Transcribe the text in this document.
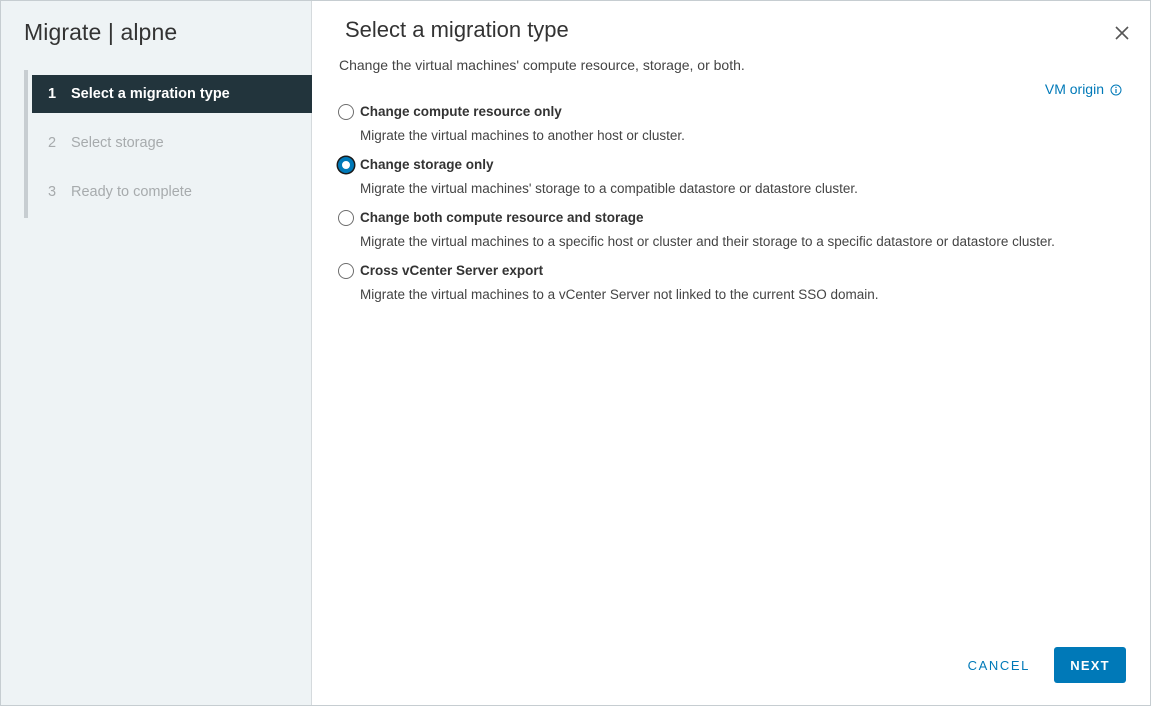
Migrate | alpne
1	Select a migration type
2	Select storage
3	Ready to complete
Select a migration type
Change the virtual machines' compute resource, storage, or both.
VM origin
Change compute resource only
Migrate the virtual machines to another host or cluster.
Change storage only
Migrate the virtual machines' storage to a compatible datastore or datastore cluster.
Change both compute resource and storage
Migrate the virtual machines to a specific host or cluster and their storage to a specific datastore or datastore cluster.
Cross vCenter Server export
Migrate the virtual machines to a vCenter Server not linked to the current SSO domain.
CANCEL	NEXT
